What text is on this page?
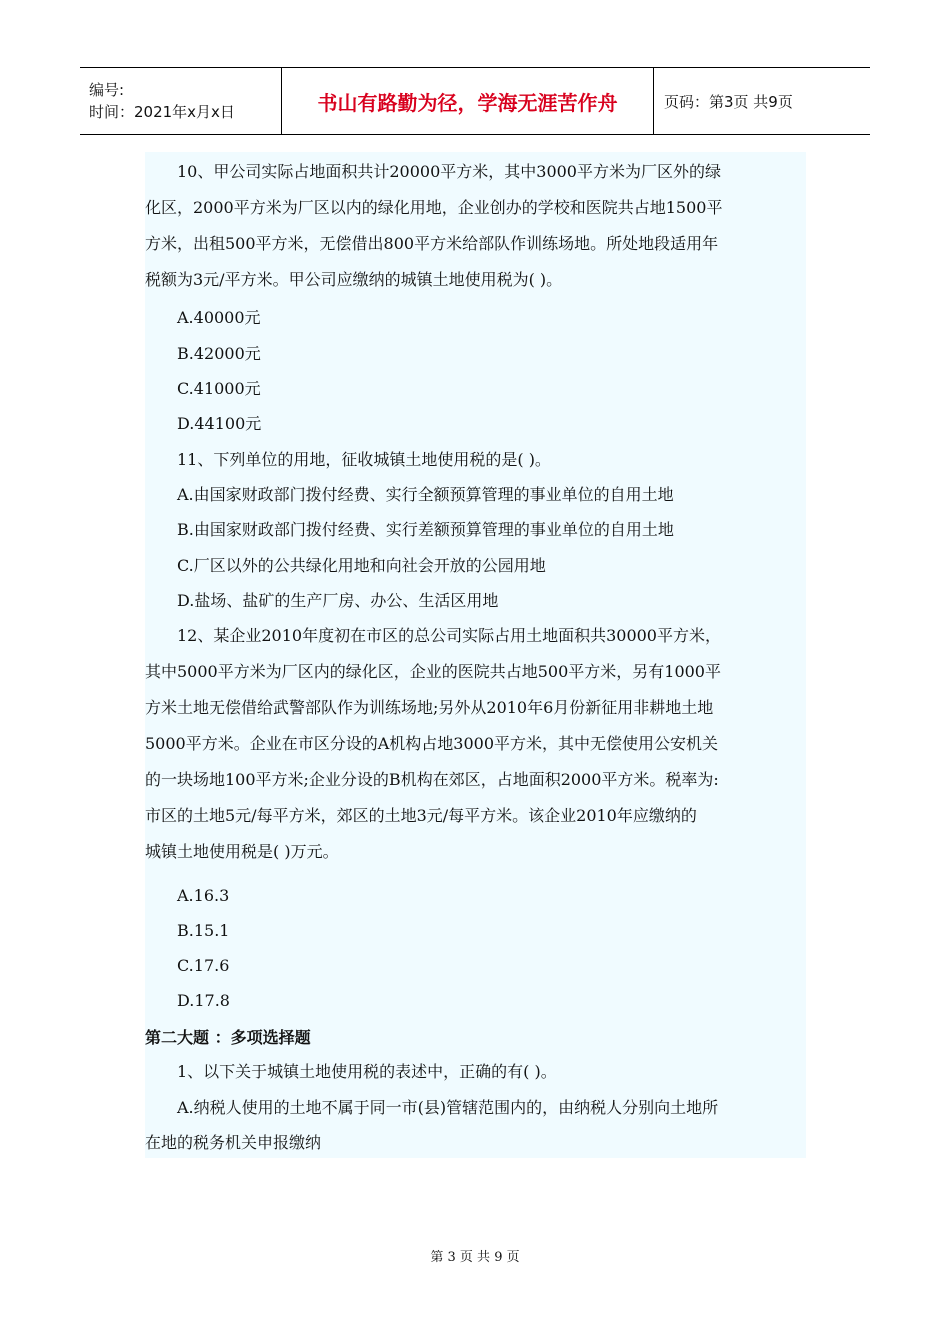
编号:
时间：2021年x月x日	书山有路勤为径，学海无涯苦作舟	页码：第3页 共9页
　　10、甲公司实际占地面积共计20000平方米，其中3000平方米为厂区外的绿
化区，2000平方米为厂区以内的绿化用地，企业创办的学校和医院共占地1500平
方米，出租500平方米，无偿借出800平方米给部队作训练场地。所处地段适用年
税额为3元/平方米。甲公司应缴纳的城镇土地使用税为( )。
　　A.40000元
　　B.42000元
　　C.41000元
　　D.44100元
　　11、下列单位的用地，征收城镇土地使用税的是( )。
　　A.由国家财政部门拨付经费、实行全额预算管理的事业单位的自用土地
　　B.由国家财政部门拨付经费、实行差额预算管理的事业单位的自用土地
　　C.厂区以外的公共绿化用地和向社会开放的公园用地
　　D.盐场、盐矿的生产厂房、办公、生活区用地
　　12、某企业2010年度初在市区的总公司实际占用土地面积共30000平方米，
其中5000平方米为厂区内的绿化区，企业的医院共占地500平方米，另有1000平
方米土地无偿借给武警部队作为训练场地;另外从2010年6月份新征用非耕地土地
5000平方米。企业在市区分设的A机构占地3000平方米，其中无偿使用公安机关
的一块场地100平方米;企业分设的B机构在郊区，占地面积2000平方米。税率为:
市区的土地5元/每平方米，郊区的土地3元/每平方米。该企业2010年应缴纳的
城镇土地使用税是( )万元。
　　A.16.3
　　B.15.1
　　C.17.6
　　D.17.8
第二大题 ：多项选择题
　　1、以下关于城镇土地使用税的表述中，正确的有( )。
　　A.纳税人使用的土地不属于同一市(县)管辖范围内的，由纳税人分别向土地所
在地的税务机关申报缴纳
第 3 页 共 9 页
